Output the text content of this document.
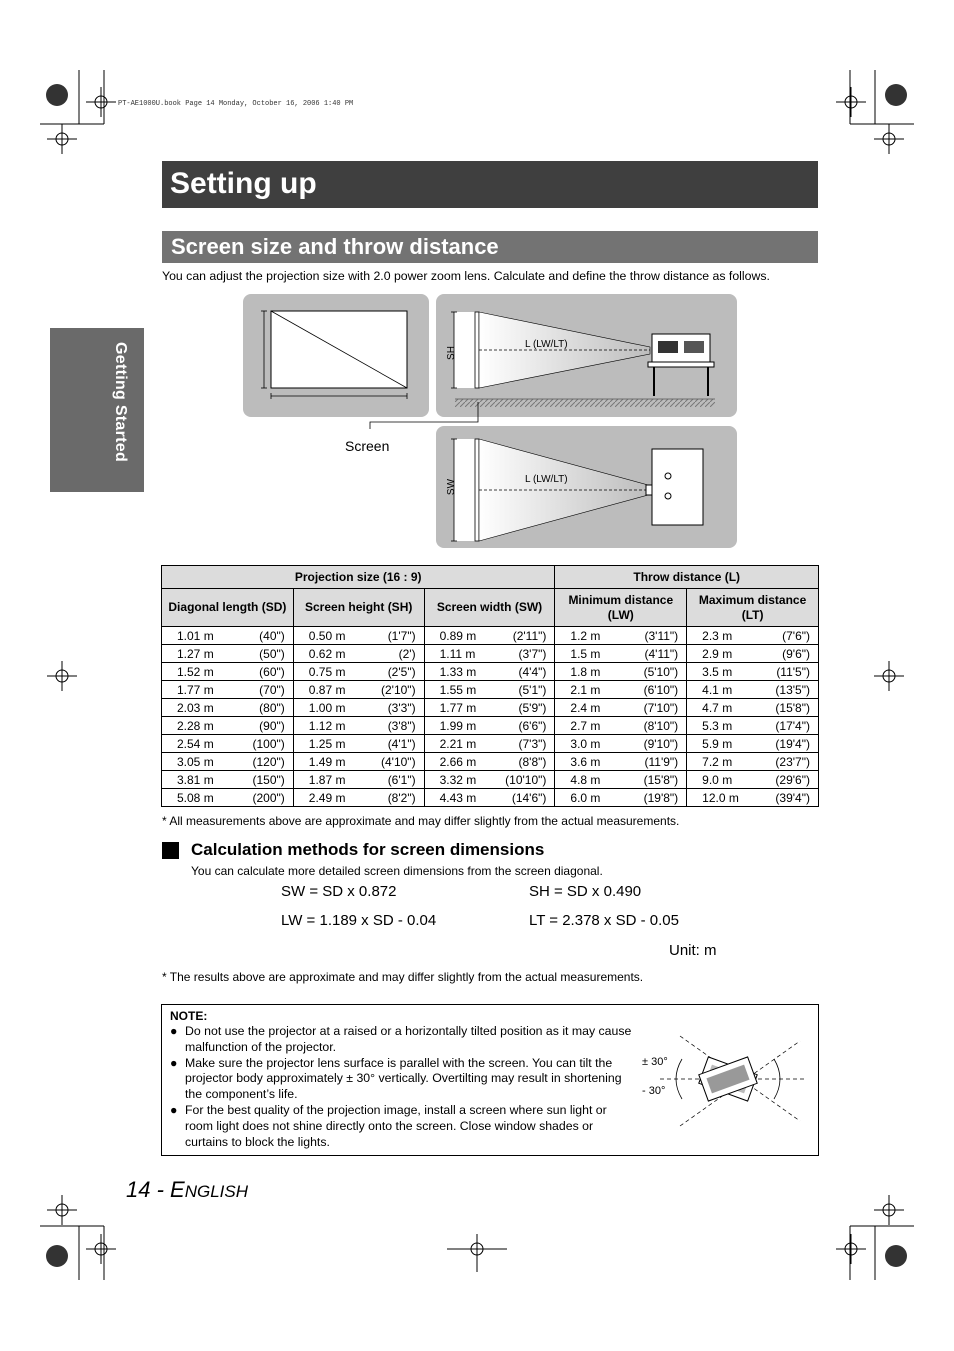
PT-AE1000U.book Page 14 Monday, October 16, 2006 1:40 PM
Setting up
Getting Started
Screen size and throw distance
You can adjust the projection size with 2.0 power zoom lens. Calculate and define the throw distance as follows.
SH
L (LW/LT)
Screen
SW	L (LW/LT)
Projection size (16 : 9)			Throw distance (L)	
Diagonal length (SD)	Screen height (SH)	Screen width (SW)	Minimum distance (LW)	Maximum distance (LT)

1.01 m (40")	0.50 m (1'7")	0.89 m (2'11")	1.2 m (3'11")	2.3 m (7'6")

1.27 m (50")	0.62 m (2')	1.11 m (3'7")	1.5 m (4'11")	2.9 m (9'6")

1.52 m (60")	0.75 m (2'5")	1.33 m (4'4")	1.8 m (5'10")	3.5 m (11'5")

1.77 m (70")	0.87 m (2'10")	1.55 m (5'1")	2.1 m (6'10")	4.1 m (13'5")

2.03 m (80")	1.00 m (3'3")	1.77 m (5'9")	2.4 m (7'10")	4.7 m (15'8")

2.28 m (90")	1.12 m (3'8")	1.99 m (6'6")	2.7 m (8'10")	5.3 m (17'4")

2.54 m (100")	1.25 m (4'1")	2.21 m (7'3")	3.0 m (9'10")	5.9 m (19'4")

3.05 m (120")	1.49 m (4'10")	2.66 m (8'8")	3.6 m (11'9")	7.2 m (23'7")

3.81 m (150")	1.87 m (6'1")	3.32 m (10'10")	4.8 m (15'8")	9.0 m (29'6")

5.08 m (200")	2.49 m (8'2")	4.43 m (14'6")	6.0 m (19'8")	12.0 m (39'4")
* All measurements above are approximate and may differ slightly from the actual measurements.
Calculation methods for screen dimensions
You can calculate more detailed screen dimensions from the screen diagonal.
SW = SD x 0.872	SH = SD x 0.490
LW = 1.189 x SD - 0.04	LT = 2.378 x SD - 0.05
Unit: m
* The results above are approximate and may differ slightly from the actual measurements.
NOTE:
● Do not use the projector at a raised or a horizontally tilted position as it may cause malfunction of the projector.
● Make sure the projector lens surface is parallel with the screen. You can tilt the projector body approximately ± 30° vertically. Overtilting may result in shortening the component’s life.
● For the best quality of the projection image, install a screen where sun light or room light does not shine directly onto the screen. Close window shades or curtains to block the lights.
± 30°
- 30°
14 - ENGLISH
